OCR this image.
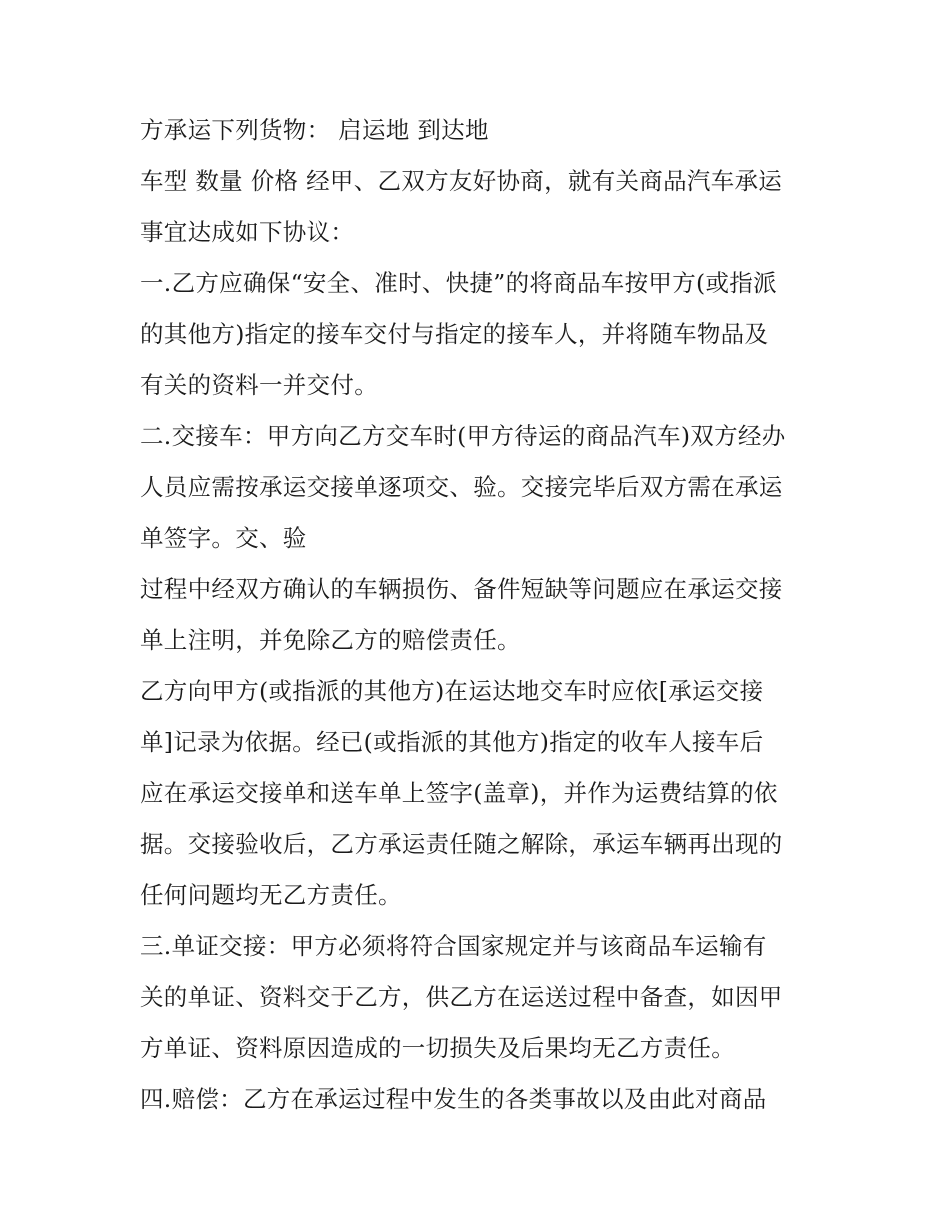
方承运下列货物： 启运地 到达地
车型 数量 价格 经甲、乙双方友好协商，就有关商品汽车承运
事宜达成如下协议：
一.乙方应确保“安全、准时、快捷”的将商品车按甲方(或指派
的其他方)指定的接车交付与指定的接车人，并将随车物品及
有关的资料一并交付。
二.交接车：甲方向乙方交车时(甲方待运的商品汽车)双方经办
人员应需按承运交接单逐项交、验。交接完毕后双方需在承运
单签字。交、验
过程中经双方确认的车辆损伤、备件短缺等问题应在承运交接
单上注明，并免除乙方的赔偿责任。
乙方向甲方(或指派的其他方)在运达地交车时应依[承运交接
单]记录为依据。经已(或指派的其他方)指定的收车人接车后
应在承运交接单和送车单上签字(盖章)，并作为运费结算的依
据。交接验收后，乙方承运责任随之解除，承运车辆再出现的
任何问题均无乙方责任。
三.单证交接：甲方必须将符合国家规定并与该商品车运输有
关的单证、资料交于乙方，供乙方在运送过程中备查，如因甲
方单证、资料原因造成的一切损失及后果均无乙方责任。
四.赔偿：乙方在承运过程中发生的各类事故以及由此对商品
